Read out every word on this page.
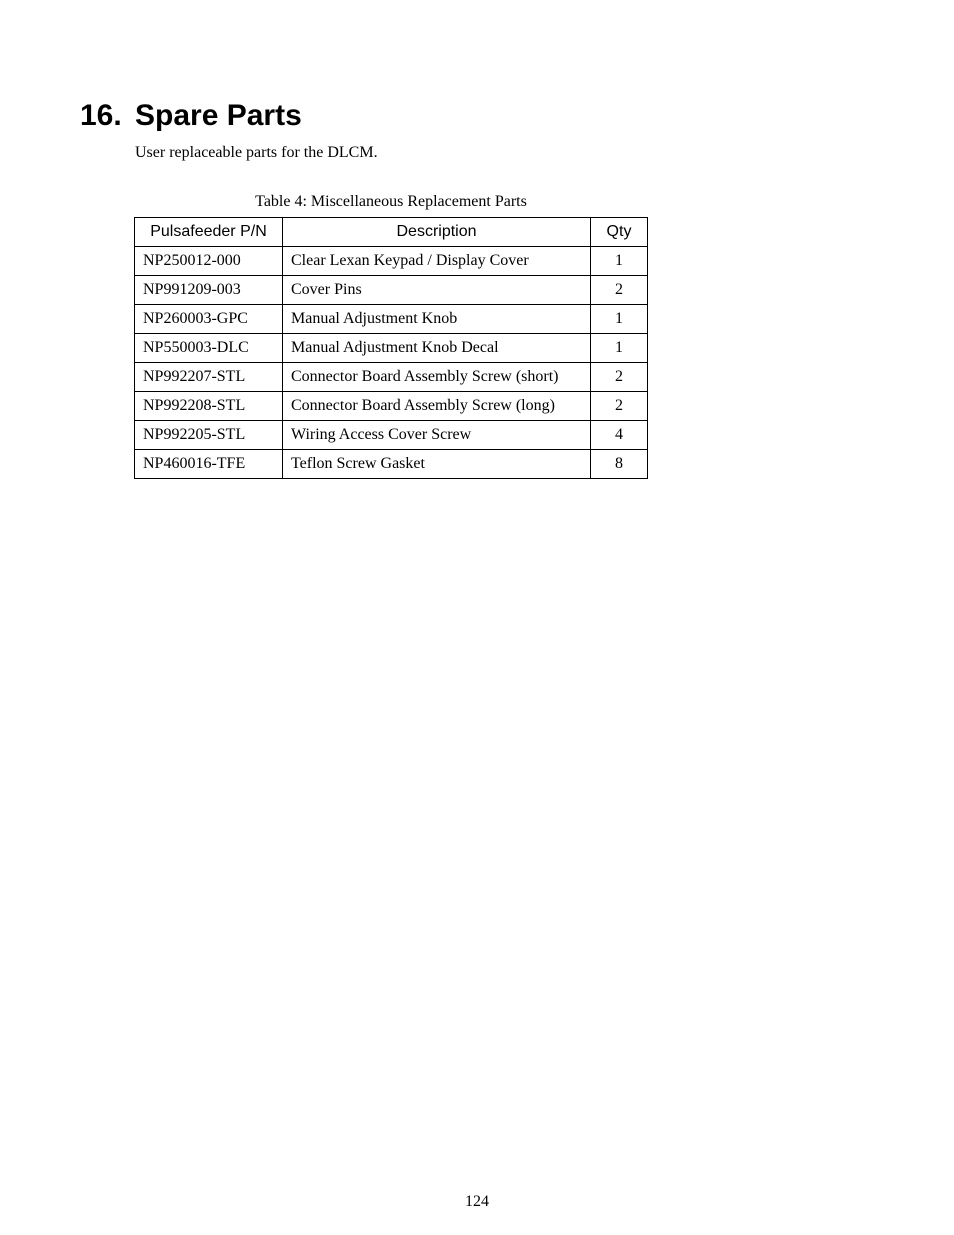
16. Spare Parts

User replaceable parts for the DLCM.

Table 4: Miscellaneous Replacement Parts

Pulsafeeder P/N	Description	Qty
NP250012-000	Clear Lexan Keypad / Display Cover	1
NP991209-003	Cover Pins	2
NP260003-GPC	Manual Adjustment Knob	1
NP550003-DLC	Manual Adjustment Knob Decal	1
NP992207-STL	Connector Board Assembly Screw (short)	2
NP992208-STL	Connector Board Assembly Screw (long)	2
NP992205-STL	Wiring Access Cover Screw	4
NP460016-TFE	Teflon Screw Gasket	8

124
